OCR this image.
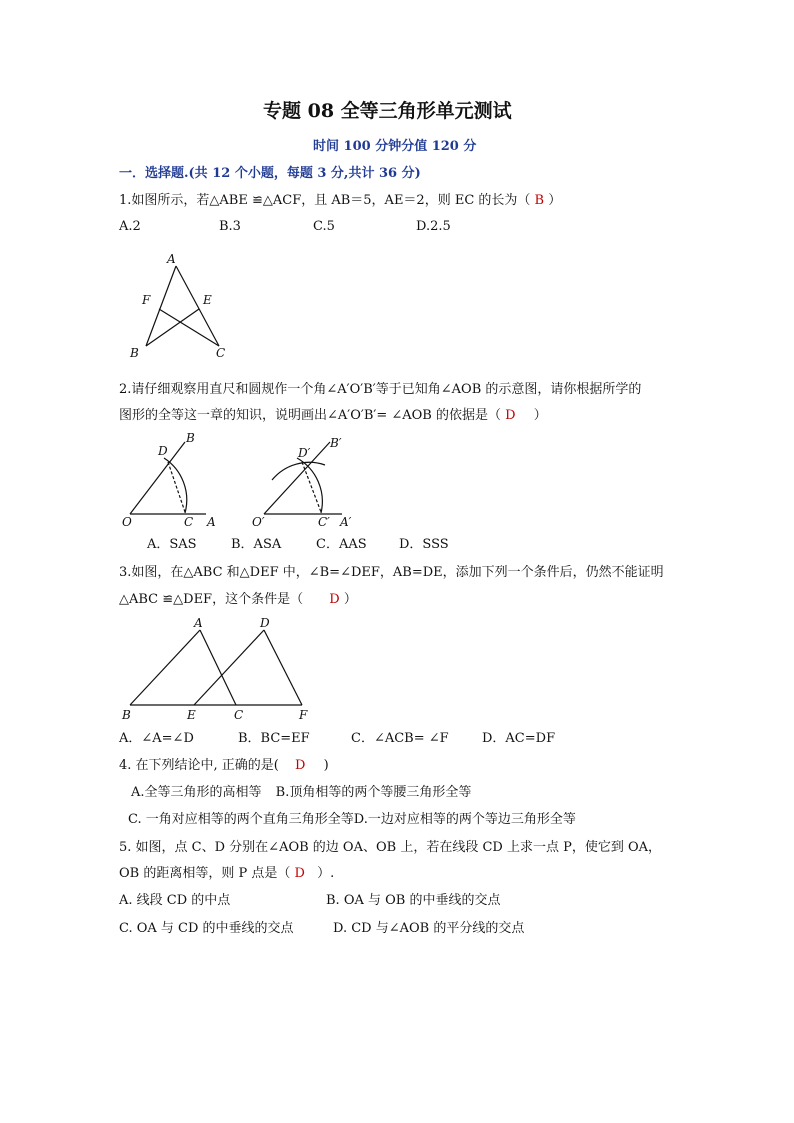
专题 08 全等三角形单元测试
时间 100 分钟分值 120 分
一．选择题.(共 12 个小题，每题 3 分,共计 36 分)
1.如图所示，若△ABE ≌△ACF，且 AB＝5，AE＝2，则 EC 的长为（ B ）
A.2	B.3	C.5	D.2.5
A
F	E
B	C
2.请仔细观察用直尺和圆规作一个角∠A′O′B′等于已知角∠AOB 的示意图，请你根据所学的
图形的全等这一章的知识，说明画出∠A′O′B′= ∠AOB 的依据是（ D ）
B
D
O	C A
B′
D′
O′	C′ A′
A．SAS	B．ASA	C．AAS D．SSS
3.如图，在△ABC 和△DEF 中，∠B=∠DEF，AB=DE，添加下列一个条件后，仍然不能证明
△ABC ≌△DEF，这个条件是（ D ）
A	D
B	E	C	F
A．∠A=∠D	B．BC=EF	C．∠ACB= ∠F	D．AC=DF
4. 在下列结论中, 正确的是( D )
A.全等三角形的高相等 B.顶角相等的两个等腰三角形全等
C. 一角对应相等的两个直角三角形全等D.一边对应相等的两个等边三角形全等
5. 如图，点 C、D 分别在∠AOB 的边 OA、OB 上，若在线段 CD 上求一点 P，使它到 OA，
OB 的距离相等，则 P 点是（ D ）.
A. 线段 CD 的中点	B. OA 与 OB 的中垂线的交点
C. OA 与 CD 的中垂线的交点	D. CD 与∠AOB 的平分线的交点
